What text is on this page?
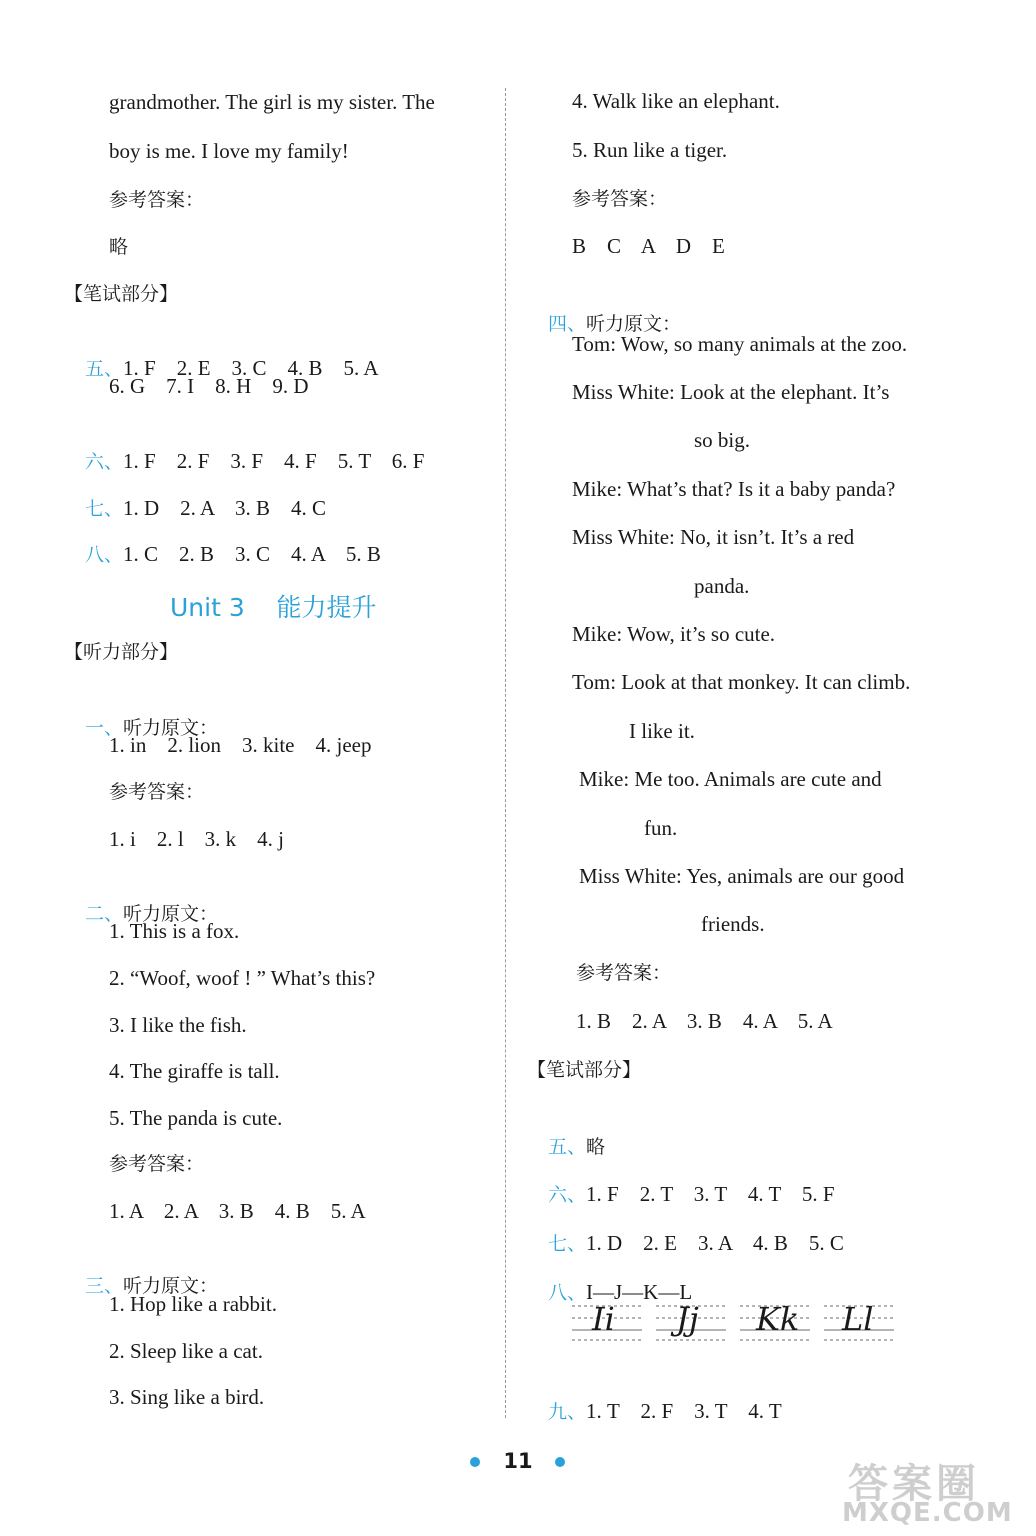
grandmother. The girl is my sister. The
boy is me. I love my family!
参考答案：
略
【笔试部分】

五、1. F    2. E    3. C    4. B    5. A

6. G    7. I    8. H    9. D

六、1. F    2. F    3. F    4. F    5. T    6. F

七、1. D    2. A    3. B    4. C

八、1. C    2. B    3. C    4. A    5. B

Unit 3    能力提升
【听力部分】

一、听力原文：

1. in    2. lion    3. kite    4. jeep
参考答案：
1. i    2. l    3. k    4. j

二、听力原文：

1. This is a fox.
2. “Woof, woof ! ” What’s this?
3. I like the fish.
4. The giraffe is tall.
5. The panda is cute.
参考答案：
1. A    2. A    3. B    4. B    5. A

三、听力原文：

1. Hop like a rabbit.
2. Sleep like a cat.
3. Sing like a bird.
4. Walk like an elephant.
5. Run like a tiger.
参考答案：
B    C    A    D    E

四、听力原文：

Tom: Wow, so many animals at the zoo.
Miss White: Look at the elephant. It’s
so big.
Mike: What’s that? Is it a baby panda?
Miss White: No, it isn’t. It’s a red
panda.
Mike: Wow, it’s so cute.
Tom: Look at that monkey. It can climb.
I like it.
Mike: Me too. Animals are cute and
fun.
Miss White: Yes, animals are our good
friends.
参考答案：
1. B    2. A    3. B    4. A    5. A
【笔试部分】

五、略

六、1. F    2. T    3. T    4. T    5. F

七、1. D    2. E    3. A    4. B    5. C

八、I—J—K—L

Ii Jj Kk Ll

九、1. T    2. F    3. T    4. T

11	答案圈
MXQE.COM
